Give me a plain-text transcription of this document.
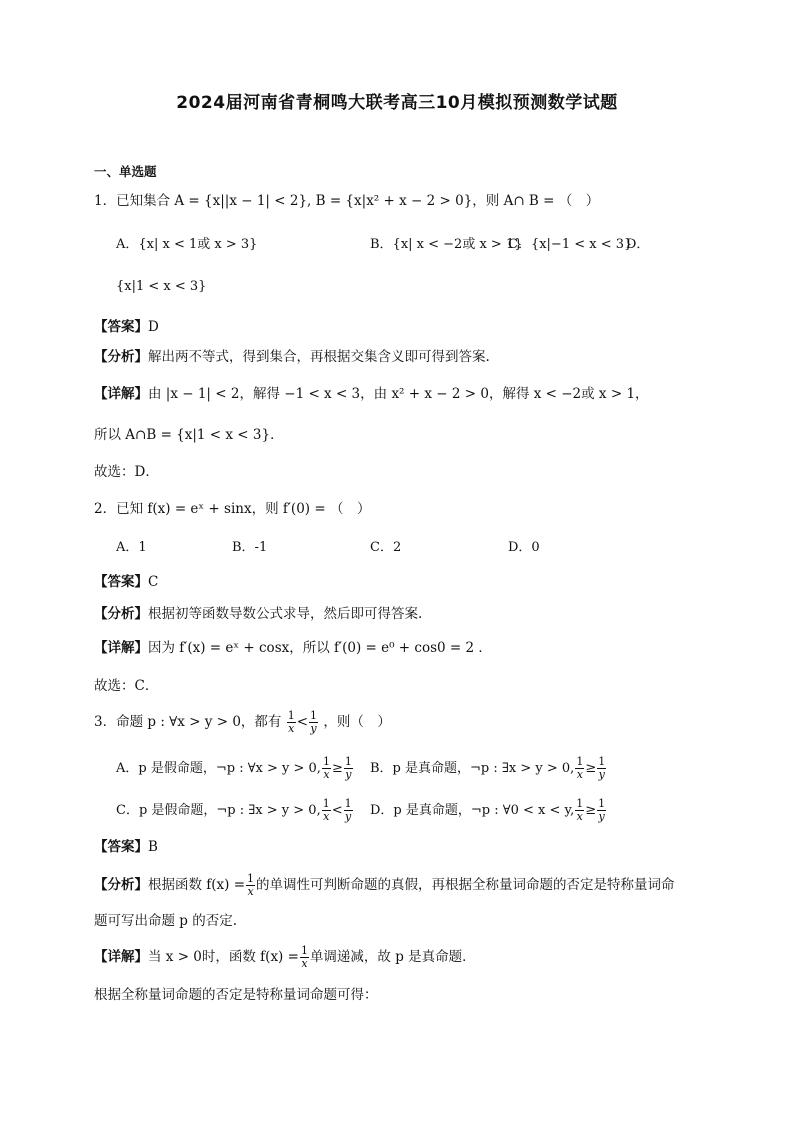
2024届河南省青桐鸣大联考高三10月模拟预测数学试题
一、单选题
1．已知集合 A = {x||x − 1| < 2}, B = {x|x² + x − 2 > 0}，则 A∩ B = （　）
A．{x| x < 1或 x > 3}	B．{x| x < −2或 x > 1}
C．{x|−1 < x < 3}
D．
{x|1 < x < 3}
【答案】D
【分析】解出两不等式，得到集合，再根据交集含义即可得到答案.
【详解】由 |x − 1| < 2，解得 −1 < x < 3，由 x² + x − 2 > 0，解得 x < −2或 x > 1，
所以 A∩B = {x|1 < x < 3}．
故选：D．
2．已知 f(x) = eˣ + sinx，则 f′(0) = （　）
A．1	B．-1	C．2	D．0
【答案】C
【分析】根据初等函数导数公式求导，然后即可得答案.
【详解】因为 f′(x) = eˣ + cosx，所以 f′(0) = e⁰ + cos0 = 2 ．
故选：C．
3．命题 p : ∀x > y > 0，都有 $\frac{1}{x} < \frac{1}{y}$ ，则（　）
A．p 是假命题，¬p : ∀x > y > 0, $\frac{1}{x} \ge \frac{1}{y}$ B．p 是真命题，¬p : ∃x > y > 0, $\frac{1}{x} \ge \frac{1}{y}$
C．p 是假命题，¬p : ∃x > y > 0, $\frac{1}{x} < \frac{1}{y}$ D．p 是真命题，¬p : ∀0 < x < y, $\frac{1}{x} \ge \frac{1}{y}$
【答案】B
【分析】根据函数 $f(x) = \frac{1}{x}$ 的单调性可判断命题的真假，再根据全称量词命题的否定是特称量词命
题可写出命题 p 的否定.
【详解】当 x > 0时，函数 $f(x) = \frac{1}{x}$ 单调递减，故 p 是真命题．
根据全称量词命题的否定是特称量词命题可得：
